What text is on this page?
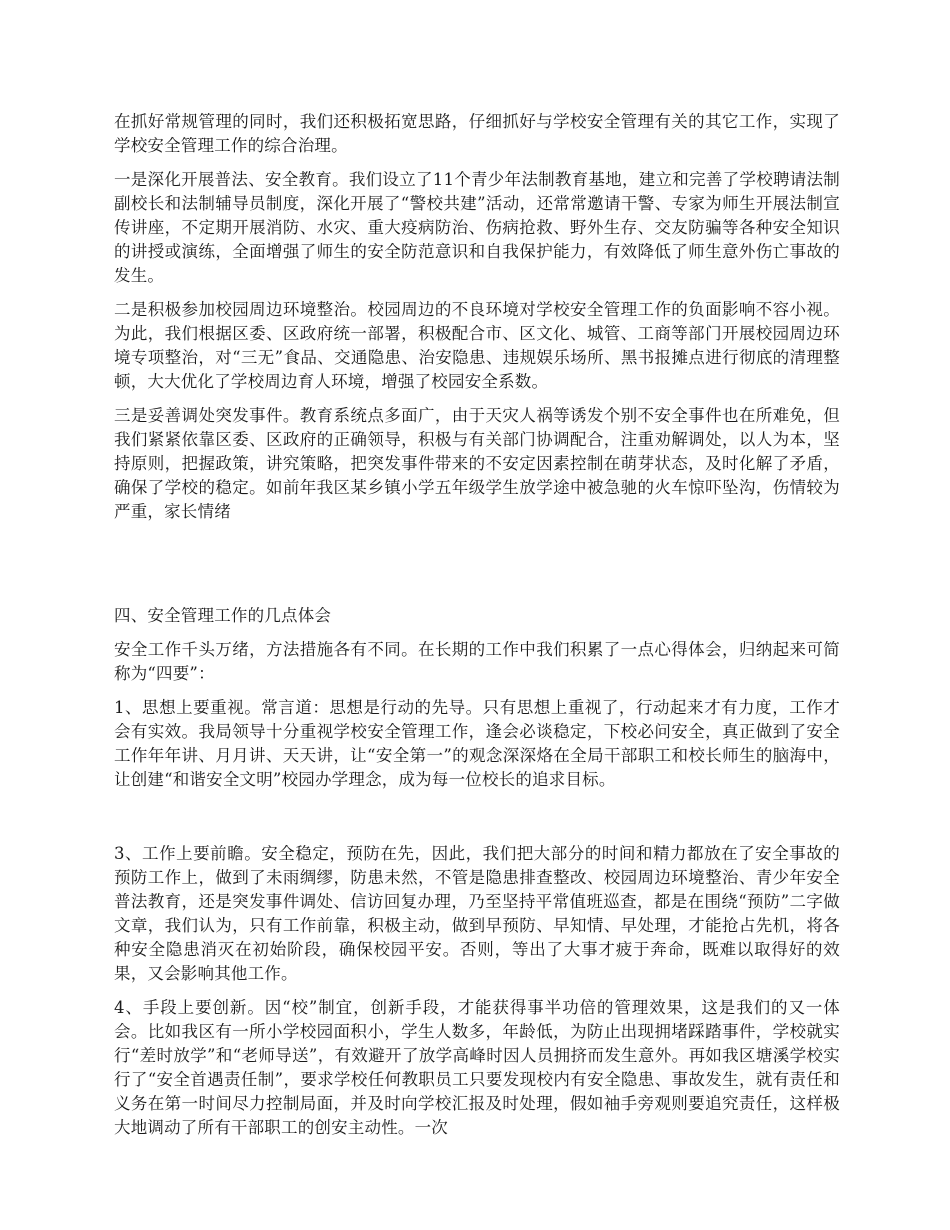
在抓好常规管理的同时，我们还积极拓宽思路，仔细抓好与学校安全管理有关的其它工作，实现了学校安全管理工作的综合治理。

一是深化开展普法、安全教育。我们设立了11个青少年法制教育基地，建立和完善了学校聘请法制副校长和法制辅导员制度，深化开展了“警校共建”活动，还常常邀请干警、专家为师生开展法制宣传讲座，不定期开展消防、水灾、重大疫病防治、伤病抢救、野外生存、交友防骗等各种安全知识的讲授或演练，全面增强了师生的安全防范意识和自我保护能力，有效降低了师生意外伤亡事故的发生。

二是积极参加校园周边环境整治。校园周边的不良环境对学校安全管理工作的负面影响不容小视。为此，我们根据区委、区政府统一部署，积极配合市、区文化、城管、工商等部门开展校园周边环境专项整治，对“三无”食品、交通隐患、治安隐患、违规娱乐场所、黑书报摊点进行彻底的清理整顿，大大优化了学校周边育人环境，增强了校园安全系数。

三是妥善调处突发事件。教育系统点多面广，由于天灾人祸等诱发个别不安全事件也在所难免，但我们紧紧依靠区委、区政府的正确领导，积极与有关部门协调配合，注重劝解调处，以人为本，坚持原则，把握政策，讲究策略，把突发事件带来的不安定因素控制在萌芽状态，及时化解了矛盾，确保了学校的稳定。如前年我区某乡镇小学五年级学生放学途中被急驰的火车惊吓坠沟，伤情较为严重，家长情绪

四、安全管理工作的几点体会

安全工作千头万绪，方法措施各有不同。在长期的工作中我们积累了一点心得体会，归纳起来可简称为“四要”：

1、思想上要重视。常言道：思想是行动的先导。只有思想上重视了，行动起来才有力度，工作才会有实效。我局领导十分重视学校安全管理工作，逢会必谈稳定，下校必问安全，真正做到了安全工作年年讲、月月讲、天天讲，让“安全第一”的观念深深烙在全局干部职工和校长师生的脑海中，让创建“和谐安全文明”校园办学理念，成为每一位校长的追求目标。

3、工作上要前瞻。安全稳定，预防在先，因此，我们把大部分的时间和精力都放在了安全事故的预防工作上，做到了未雨绸缪，防患未然，不管是隐患排查整改、校园周边环境整治、青少年安全普法教育，还是突发事件调处、信访回复办理，乃至坚持平常值班巡查，都是在围绕“预防”二字做文章，我们认为，只有工作前靠，积极主动，做到早预防、早知情、早处理，才能抢占先机，将各种安全隐患消灭在初始阶段，确保校园平安。否则，等出了大事才疲于奔命，既难以取得好的效果，又会影响其他工作。

4、手段上要创新。因“校”制宜，创新手段，才能获得事半功倍的管理效果，这是我们的又一体会。比如我区有一所小学校园面积小，学生人数多，年龄低，为防止出现拥堵踩踏事件，学校就实行“差时放学”和“老师导送”，有效避开了放学高峰时因人员拥挤而发生意外。再如我区塘溪学校实行了“安全首遇责任制”，要求学校任何教职员工只要发现校内有安全隐患、事故发生，就有责任和义务在第一时间尽力控制局面，并及时向学校汇报及时处理，假如袖手旁观则要追究责任，这样极大地调动了所有干部职工的创安主动性。一次
